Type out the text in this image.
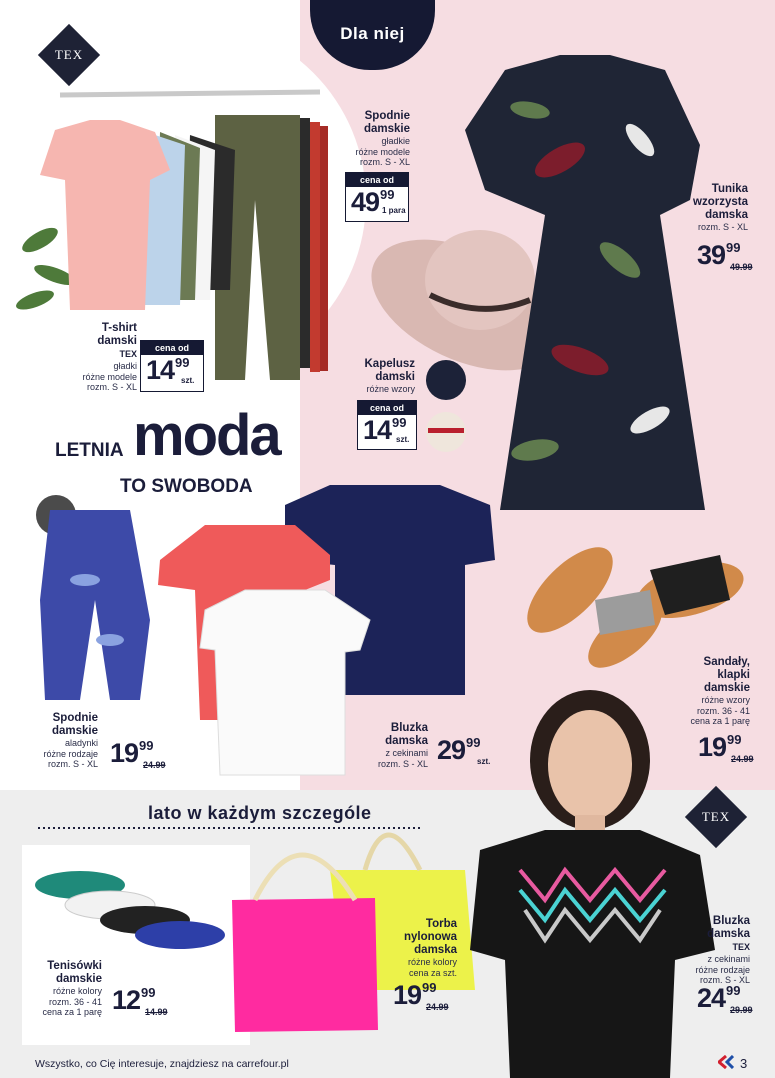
Dla niej
TEX
TEX
LETNIA moda
TO SWOBODA
lato w każdym szczególe
Spodnie
damskie
gładkie
różne modele
rozm. S - XL
cena od
$49^{99}$
1 para
T-shirt
damski
TEX
gładki
różne modele
rozm. S - XL
cena od
$14^{99}$
szt.
Kapelusz
damski
różne wzory
cena od
$14^{99}$
szt.
Tunika
wzorzysta
damska
rozm. S - XL
$39^{99}$
49.99
Spodnie
damskie
aladynki
różne rodzaje
rozm. S - XL $19^{99}$
24.99
Bluzka
damska
z cekinami
rozm. S - XL $29^{99}$
szt.
Sandały,
klapki
damskie
różne wzory
rozm. 36 - 41
cena za 1 parę
$19^{99}$
24.99
Tenisówki
damskie
różne kolory
rozm. 36 - 41
cena za 1 parę $12^{99}$
14.99
Torba
nylonowa
damska
różne kolory
cena za szt.
$19^{99}$
24.99
Bluzka
damska
TEX
z cekinami
różne rodzaje
rozm. S - XL
$24^{99}$
29.99
Wszystko, co Cię interesuje, znajdziesz na carrefour.pl	3
